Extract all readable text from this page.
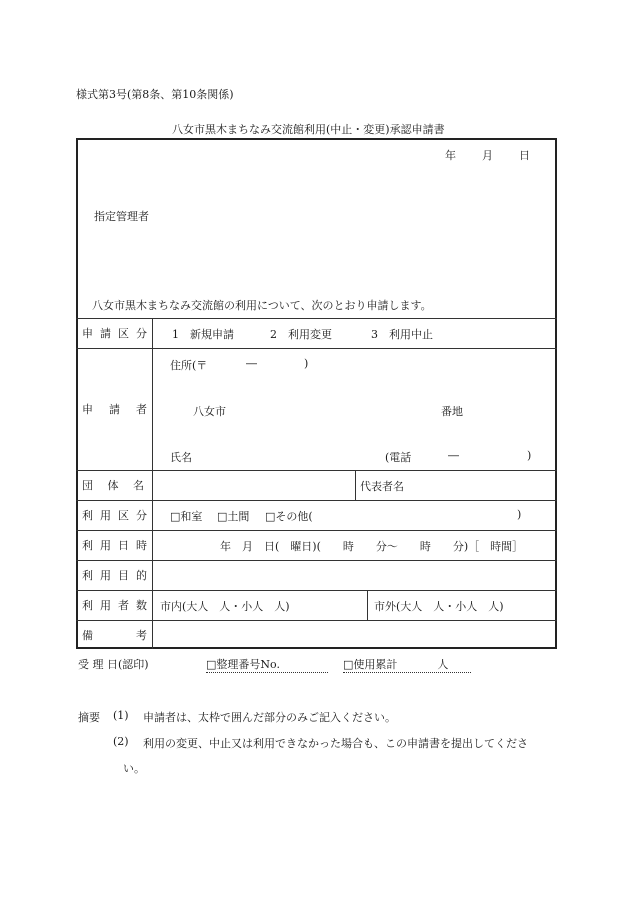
様式第3号(第8条、第10条関係)
八女市黒木まちなみ交流館利用(中止・変更)承認申請書
年 月 日
指定管理者
八女市黒木まちなみ交流館の利用について、次のとおり申請します。
申 請 区 分 1　新規申請	2　利用変更	3　利用中止
申 請 者
住所(〒	―	)
八女市	番地
氏名	(電話	―	)
団 体 名	代表者名
利 用 区 分 □和室 □土間 □その他(	)
利 用 日 時	年　月　日(　曜日)(　　時　　分～　　時　　分)［　時間］
利 用 目 的
利 用 者 数 市内(大人　人・小人　人)	市外(大人　人・小人　人)
備	考
受 理 日(認印)	□整理番号No.	□使用累計	人
摘要 (1) 申請者は、太枠で囲んだ部分のみご記入ください。
(2) 利用の変更、中止又は利用できなかった場合も、この申請書を提出してくださ
い。
